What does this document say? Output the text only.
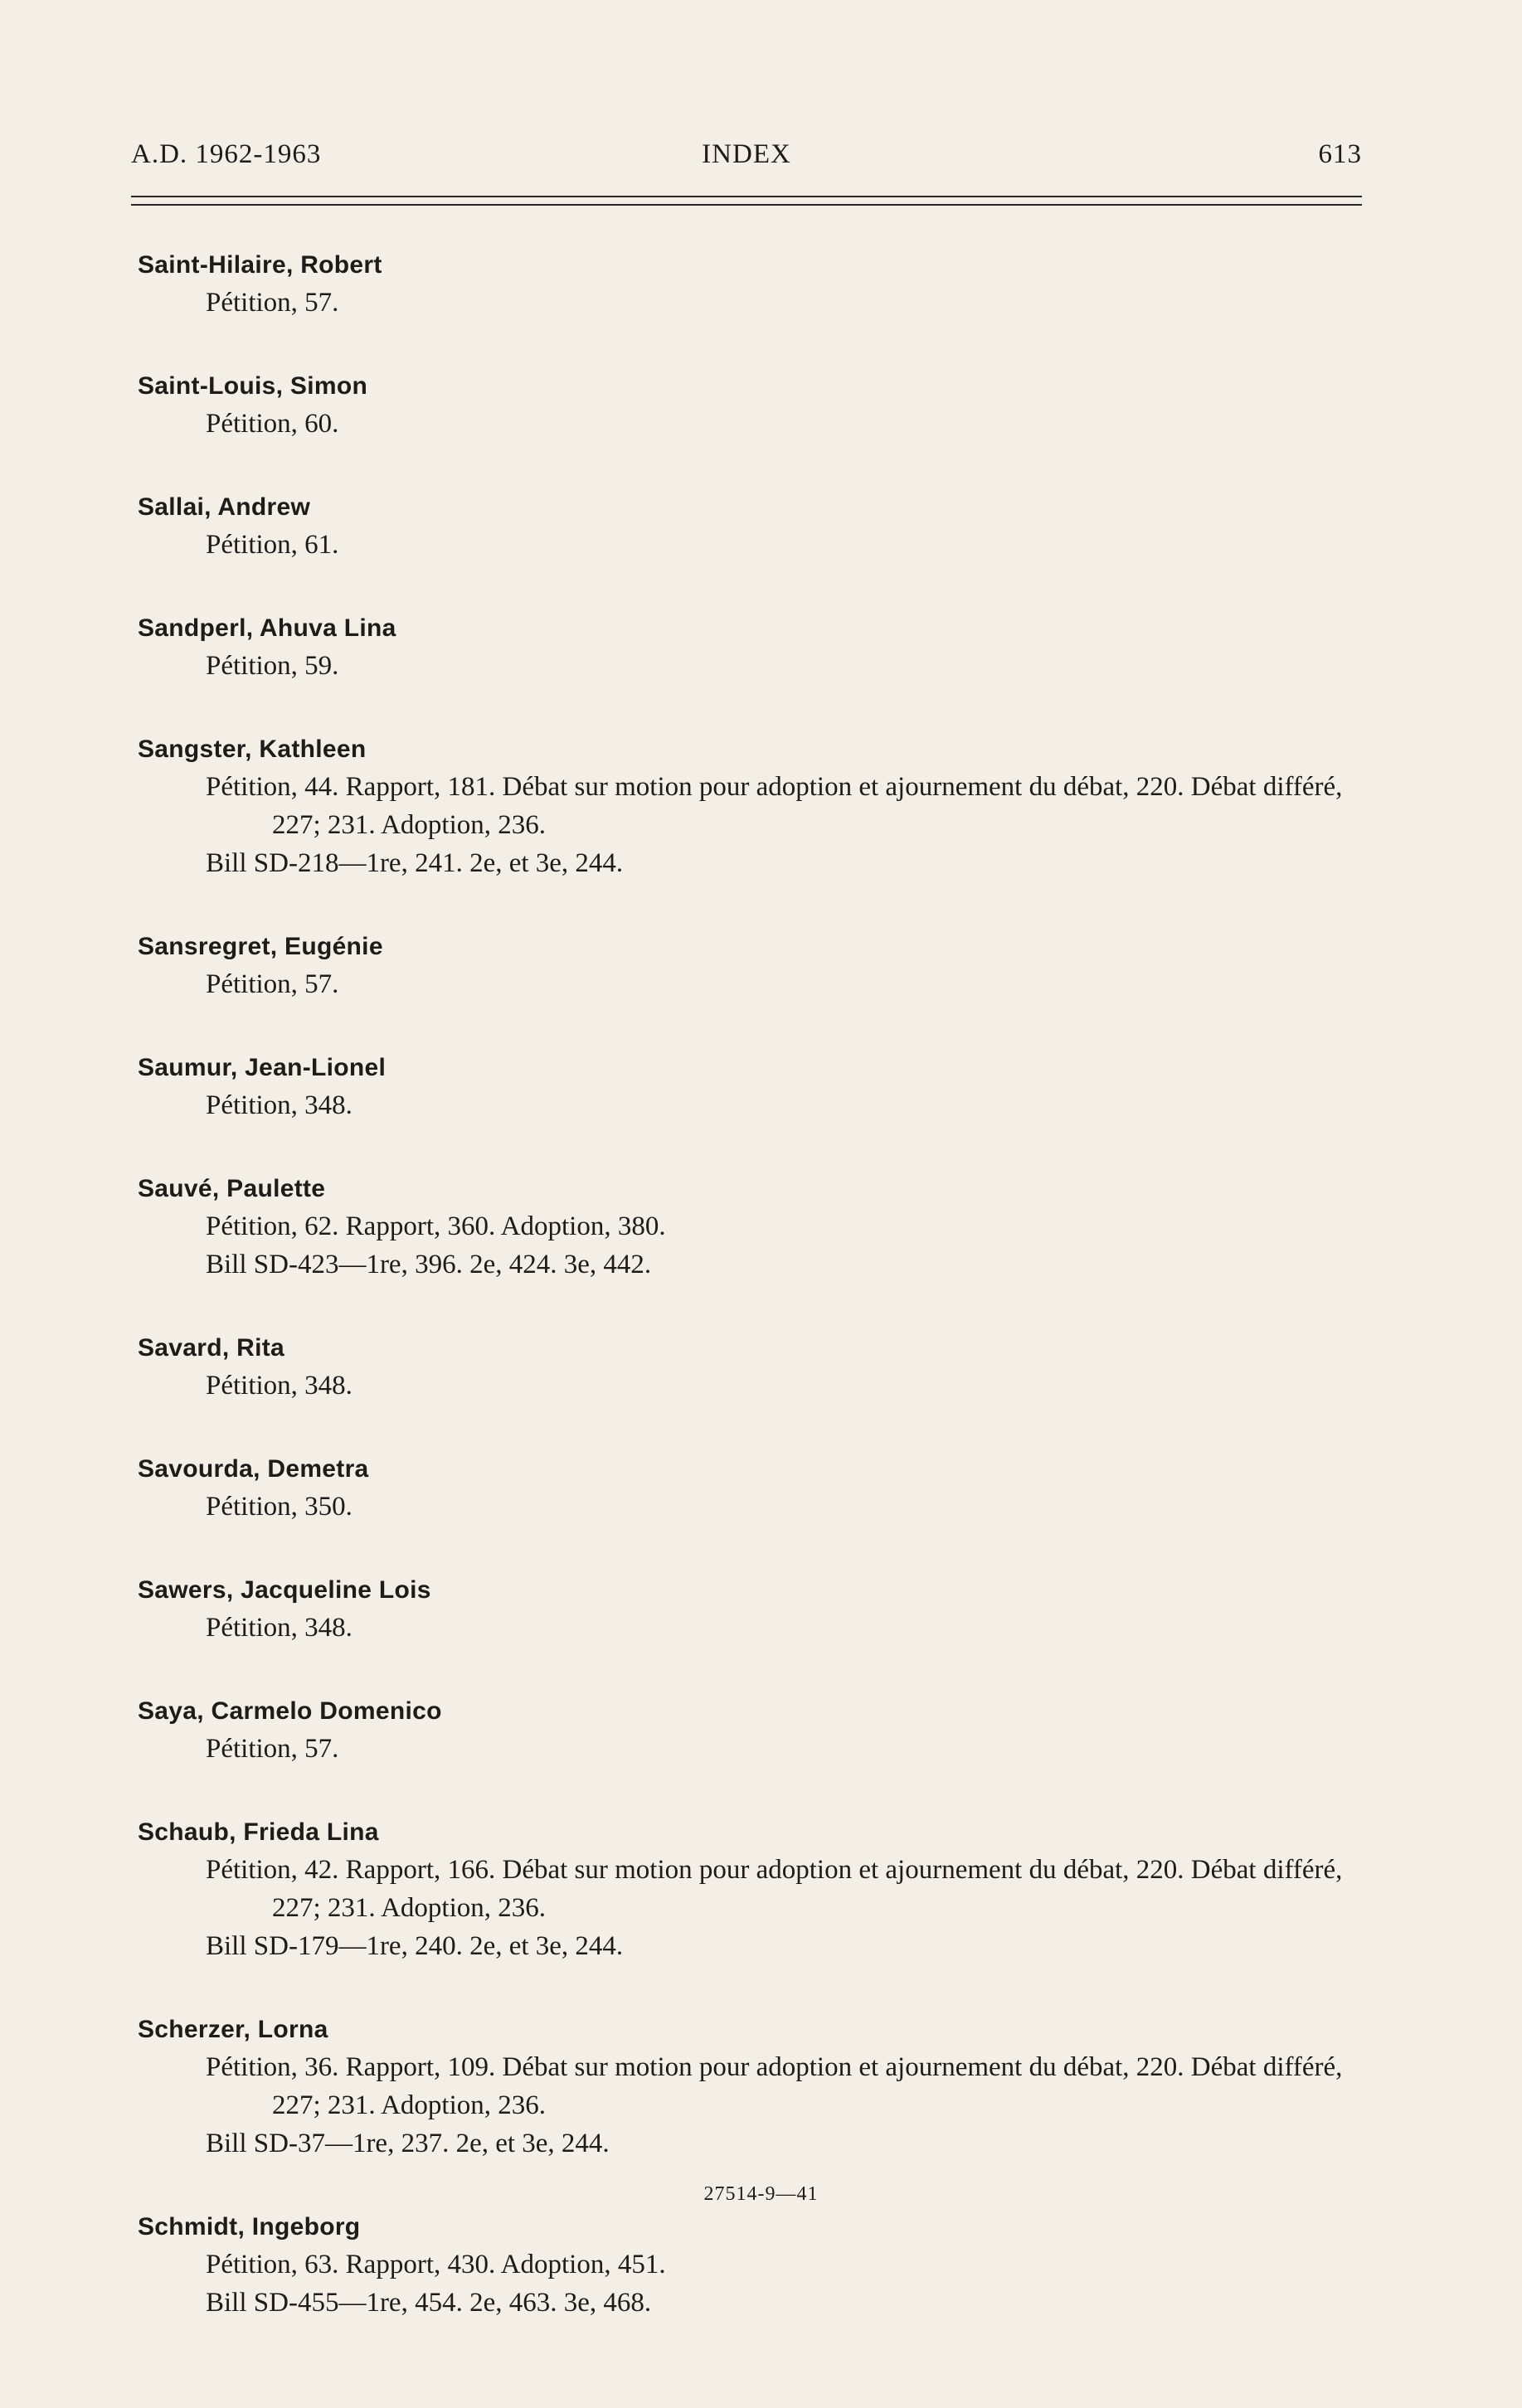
A.D. 1962-1963	INDEX	613
Saint-Hilaire, Robert
Pétition, 57.
Saint-Louis, Simon
Pétition, 60.
Sallai, Andrew
Pétition, 61.
Sandperl, Ahuva Lina
Pétition, 59.
Sangster, Kathleen
Pétition, 44. Rapport, 181. Débat sur motion pour adoption et ajournement du débat, 220. Débat différé, 227; 231. Adoption, 236.
Bill SD-218—1re, 241. 2e, et 3e, 244.
Sansregret, Eugénie
Pétition, 57.
Saumur, Jean-Lionel
Pétition, 348.
Sauvé, Paulette
Pétition, 62. Rapport, 360. Adoption, 380.
Bill SD-423—1re, 396. 2e, 424. 3e, 442.
Savard, Rita
Pétition, 348.
Savourda, Demetra
Pétition, 350.
Sawers, Jacqueline Lois
Pétition, 348.
Saya, Carmelo Domenico
Pétition, 57.
Schaub, Frieda Lina
Pétition, 42. Rapport, 166. Débat sur motion pour adoption et ajournement du débat, 220. Débat différé, 227; 231. Adoption, 236.
Bill SD-179—1re, 240. 2e, et 3e, 244.
Scherzer, Lorna
Pétition, 36. Rapport, 109. Débat sur motion pour adoption et ajournement du débat, 220. Débat différé, 227; 231. Adoption, 236.
Bill SD-37—1re, 237. 2e, et 3e, 244.
Schmidt, Ingeborg
Pétition, 63. Rapport, 430. Adoption, 451.
Bill SD-455—1re, 454. 2e, 463. 3e, 468.
27514-9—41
